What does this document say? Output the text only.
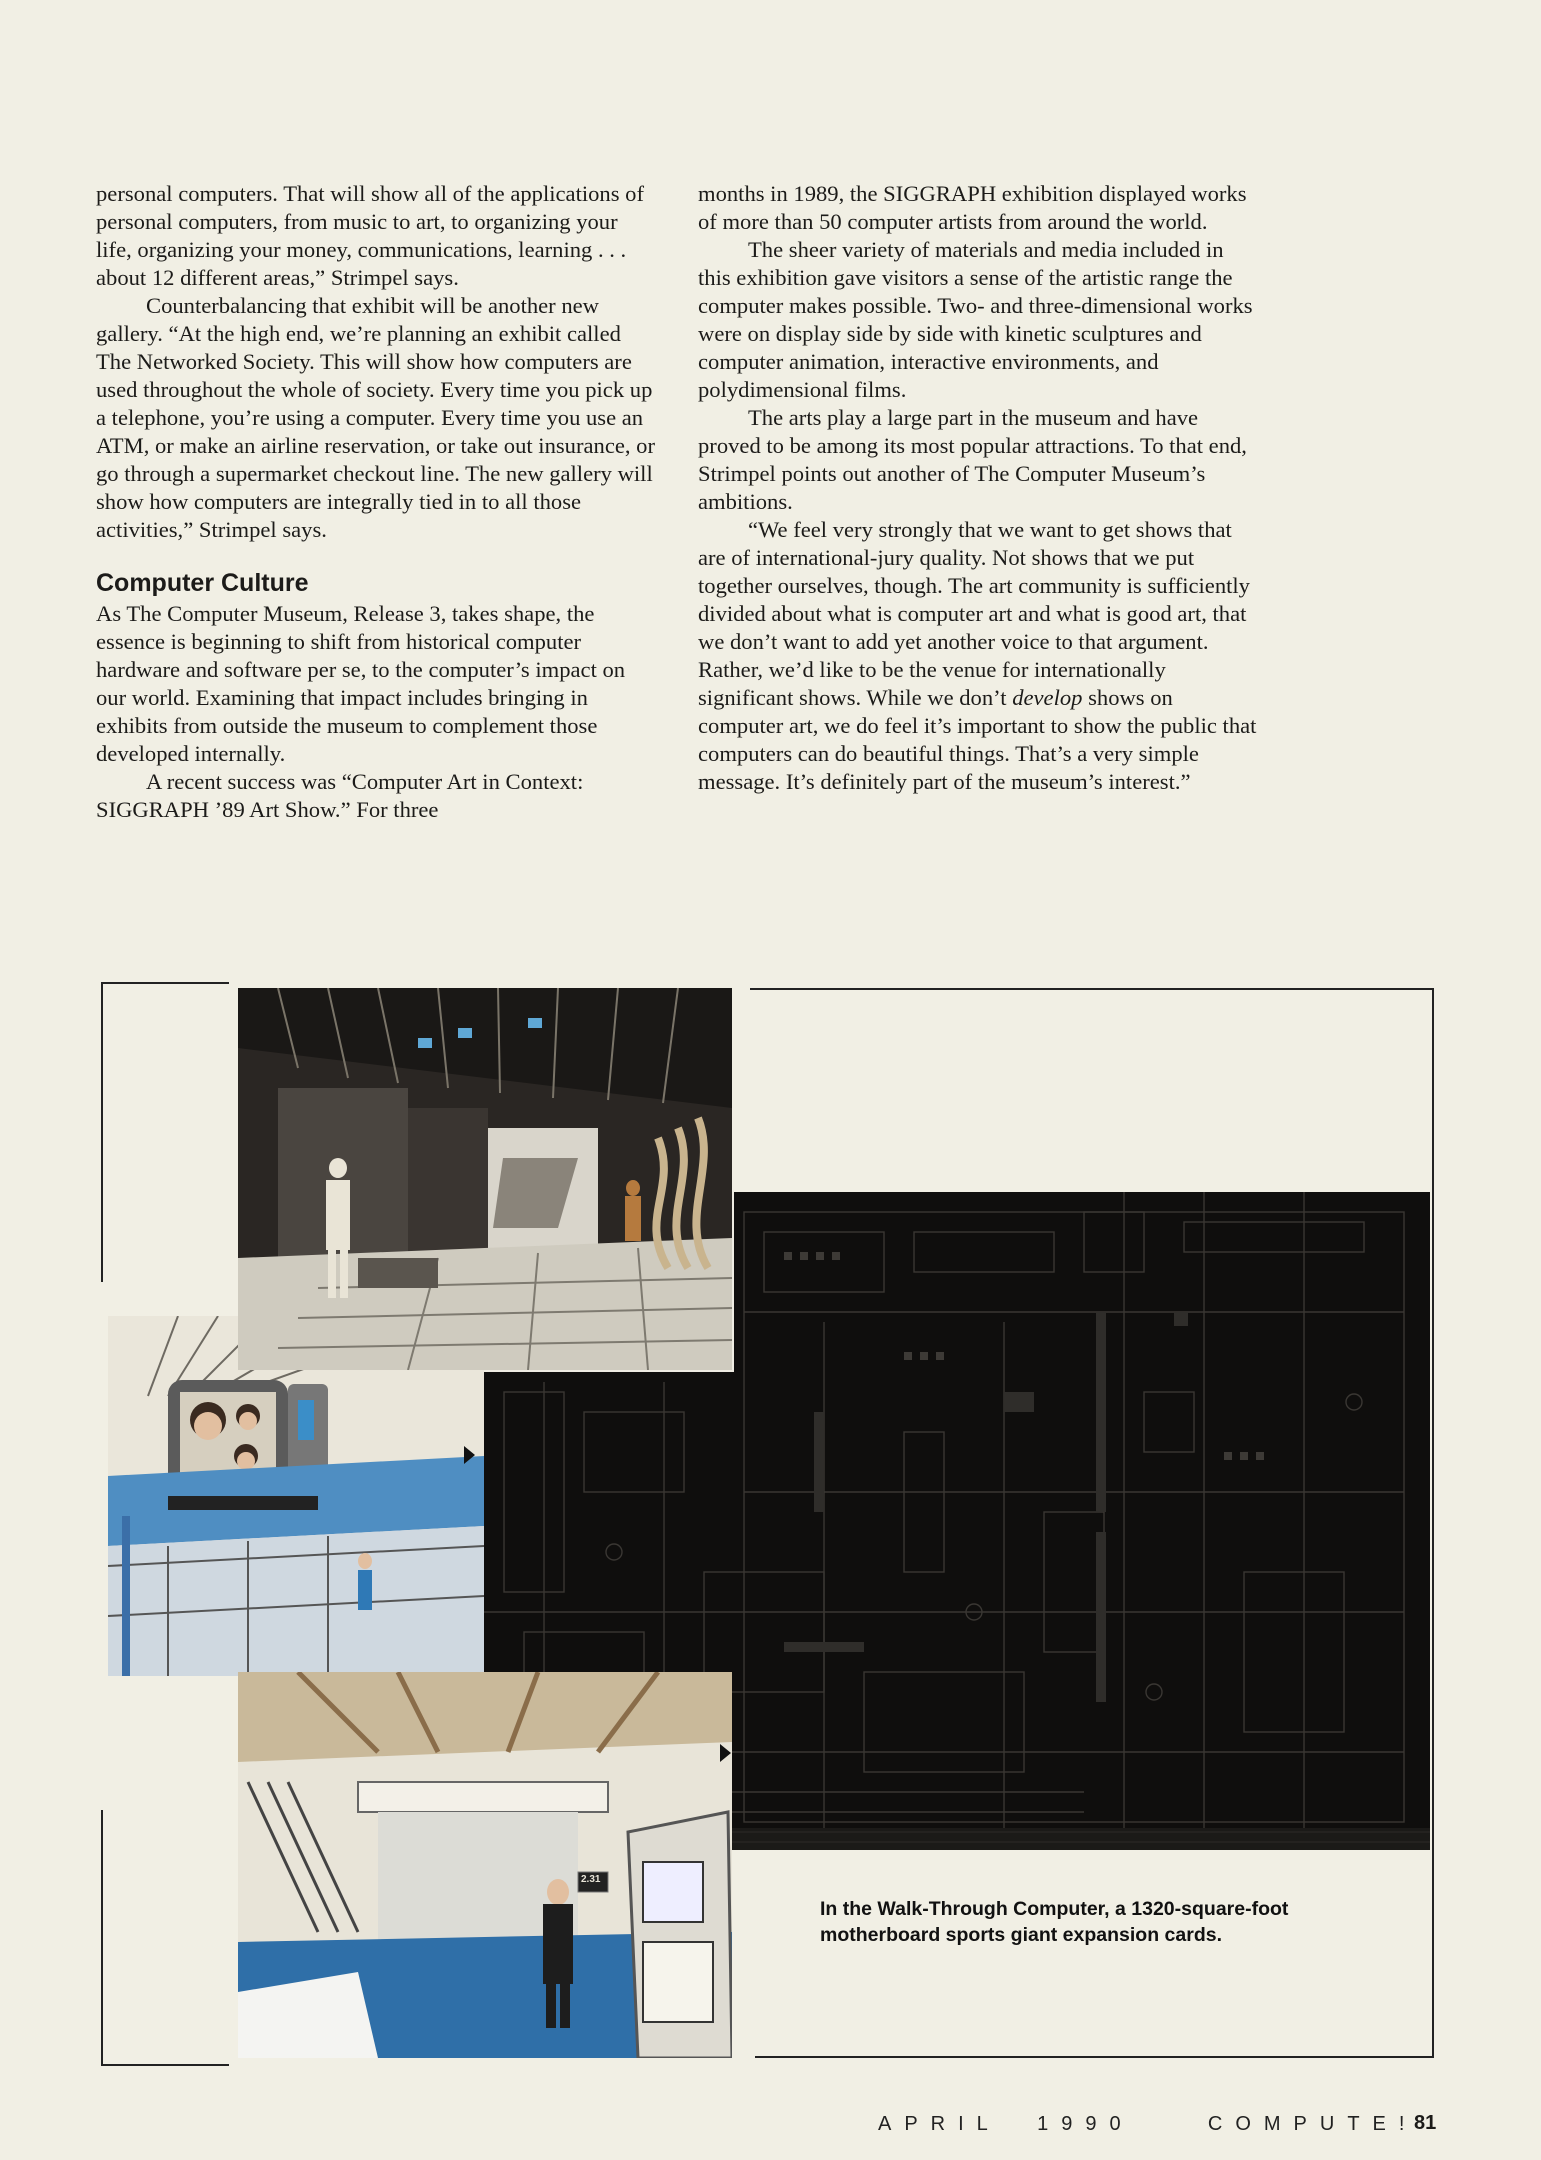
personal computers. That will show all of the applications of personal computers, from music to art, to organizing your life, organizing your money, communications, learning . . . about 12 different areas,” Strimpel says.

Counterbalancing that exhibit will be another new gallery. “At the high end, we’re planning an exhibit called The Networked Society. This will show how computers are used throughout the whole of society. Every time you pick up a telephone, you’re using a computer. Every time you use an ATM, or make an airline reservation, or take out insurance, or go through a supermarket checkout line. The new gallery will show how computers are integrally tied in to all those activities,” Strimpel says.

Computer Culture

As The Computer Museum, Release 3, takes shape, the essence is beginning to shift from historical computer hardware and software per se, to the computer’s impact on our world. Examining that impact includes bringing in exhibits from outside the museum to complement those developed internally.

A recent success was “Computer Art in Context: SIGGRAPH ’89 Art Show.” For three

months in 1989, the SIGGRAPH exhibition displayed works of more than 50 computer artists from around the world.

The sheer variety of materials and media included in this exhibition gave visitors a sense of the artistic range the computer makes possible. Two- and three-dimensional works were on display side by side with kinetic sculptures and computer animation, interactive environments, and polydimensional films.

The arts play a large part in the museum and have proved to be among its most popular attractions. To that end, Strimpel points out another of The Computer Museum’s ambitions.

“We feel very strongly that we want to get shows that are of international-jury quality. Not shows that we put together ourselves, though. The art community is sufficiently divided about what is computer art and what is good art, that we don’t want to add yet another voice to that argument. Rather, we’d like to be the venue for internationally significant shows. While we don’t develop shows on computer art, we do feel it’s important to show the public that computers can do beautiful things. That’s a very simple message. It’s definitely part of the museum’s interest.”

2.31
In the Walk-Through Computer, a 1320-square-foot motherboard sports giant expansion cards.
APRIL  1990    COMPUTE!
81
